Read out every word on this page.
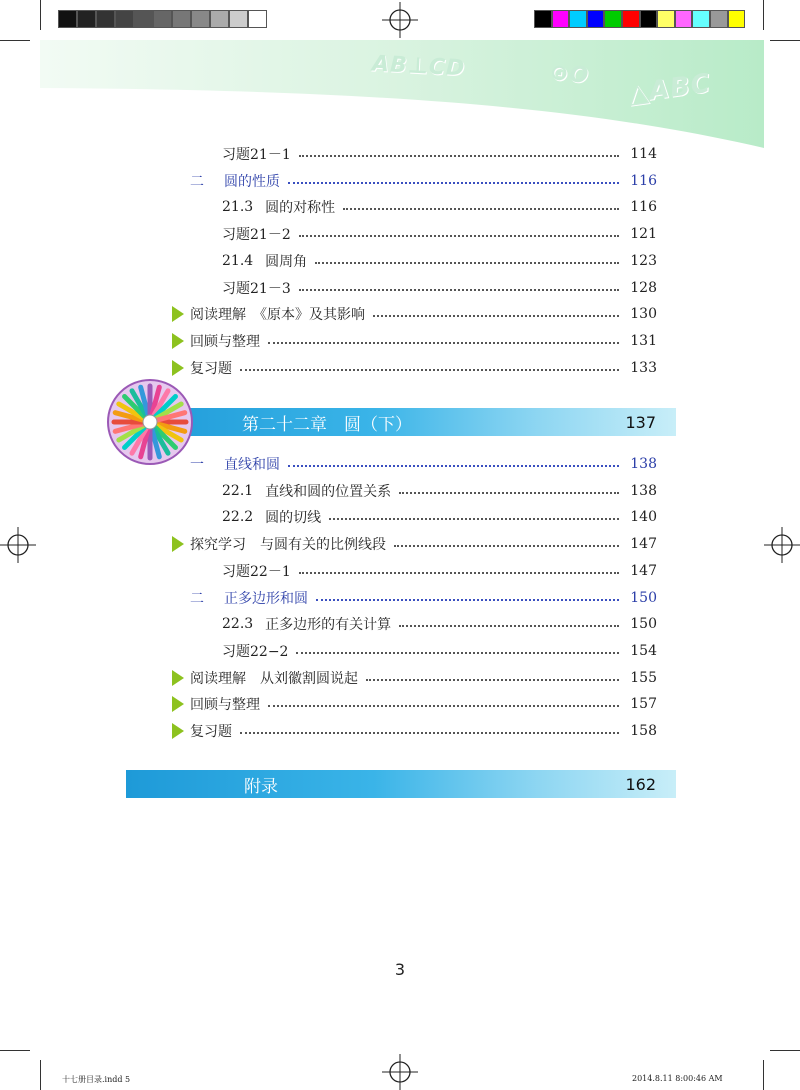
AB⊥CD	⊙O △ABC
习题21－1	114
二 圆的性质	116
21.3 圆的对称性	116
习题21－2	121
21.4 圆周角	123
习题21－3	128
阅读理解　《原本》及其影响	130
回顾与整理	131
复习题	133
第二十二章　圆（下）	137
一 直线和圆	138
22.1 直线和圆的位置关系	138
22.2 圆的切线	140
探究学习　与圆有关的比例线段	147
习题22－1	147
二 正多边形和圆	150
22.3 正多边形的有关计算	150
习题22−2	154
阅读理解　从刘徽割圆说起	155
回顾与整理	157
复习题	158
附录	162
3
十七册目录.indd 5	2014.8.11 8:00:46 AM
